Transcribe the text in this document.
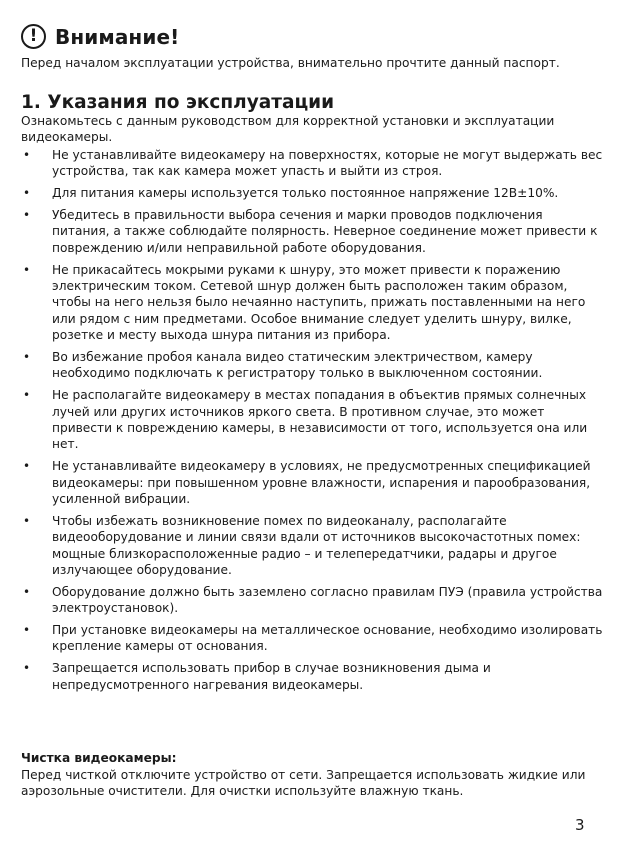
! Внимание!
Перед началом эксплуатации устройства, внимательно прочтите данный паспорт.
1. Указания по эксплуатации
Ознакомьтесь с данным руководством для корректной установки и эксплуатации видеокамеры.
• Не устанавливайте видеокамеру на поверхностях, которые не могут выдержать вес устройства, так как камера может упасть и выйти из строя.
• Для питания камеры используется только постоянное напряжение 12В±10%.
• Убедитесь в правильности выбора сечения и марки проводов подключения питания, а также соблюдайте полярность. Неверное соединение может привести к повреждению и/или неправильной работе оборудования.
• Не прикасайтесь мокрыми руками к шнуру, это может привести к поражению электрическим током. Сетевой шнур должен быть расположен таким образом, чтобы на него нельзя было нечаянно наступить, прижать поставленными на него или рядом с ним предметами. Особое внимание следует уделить шнуру, вилке, розетке и месту выхода шнура питания из прибора.
• Во избежание пробоя канала видео статическим электричеством, камеру необходимо подключать к регистратору только в выключенном состоянии.
• Не располагайте видеокамеру в местах попадания в объектив прямых солнечных лучей или других источников яркого света. В противном случае, это может привести к повреждению камеры, в независимости от того, используется она или нет.
• Не устанавливайте видеокамеру в условиях, не предусмотренных спецификацией видеокамеры: при повышенном уровне влажности, испарения и парообразования, усиленной вибрации.
• Чтобы избежать возникновение помех по видеоканалу, располагайте видеооборудование и линии связи вдали от источников высокочастотных помех: мощные близкорасположенные радио – и телепередатчики, радары и другое излучающее оборудование.
• Оборудование должно быть заземлено согласно правилам ПУЭ (правила устройства электроустановок).
• При установке видеокамеры на металлическое основание, необходимо изолировать крепление камеры от основания.
• Запрещается использовать прибор в случае возникновения дыма и непредусмотренного нагревания видеокамеры.
Чистка видеокамеры:
Перед чисткой отключите устройство от сети. Запрещается использовать жидкие или аэрозольные очистители. Для очистки используйте влажную ткань.
3
